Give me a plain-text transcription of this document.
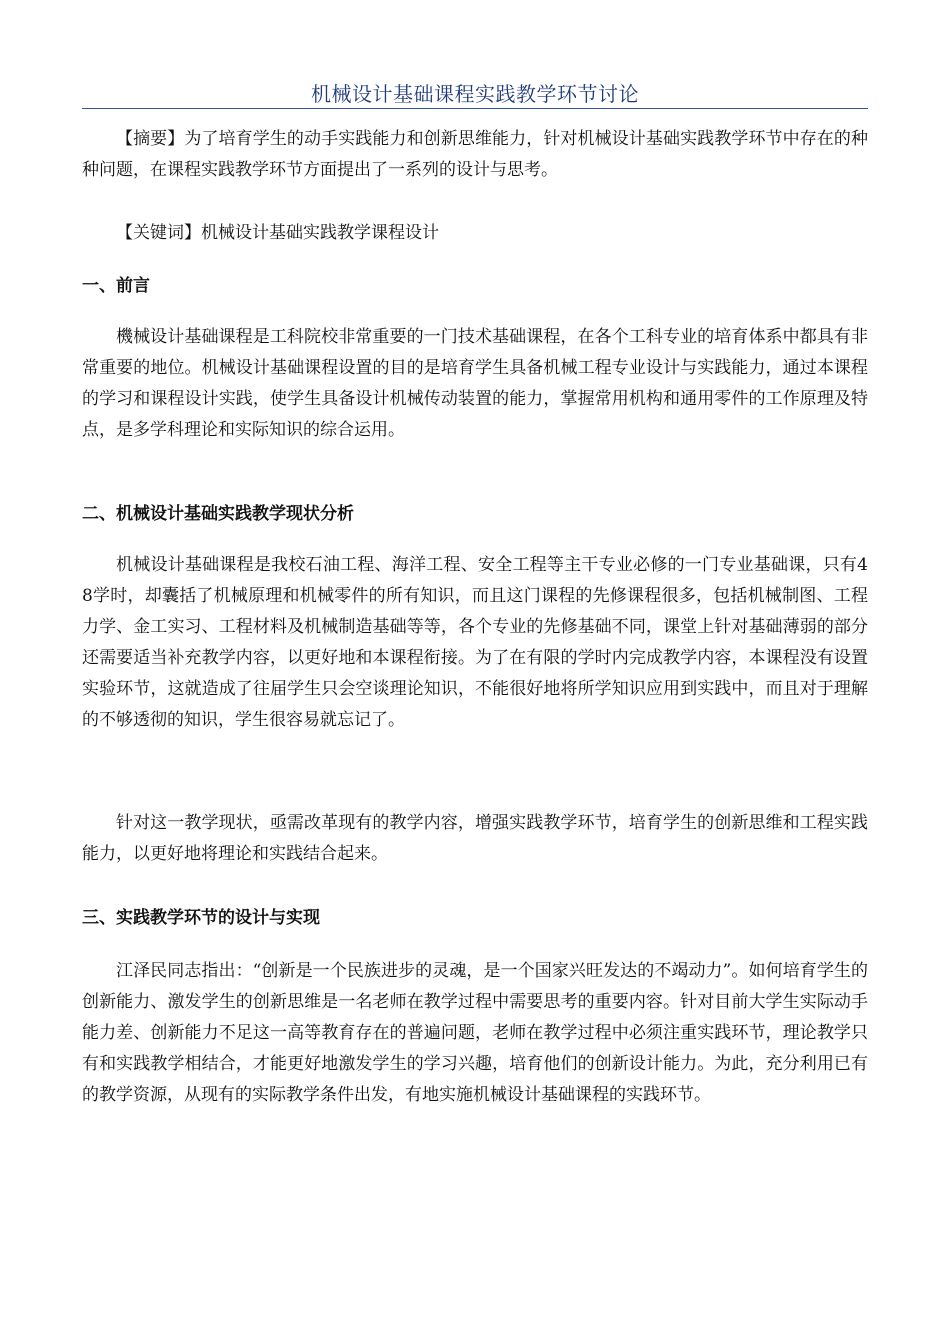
机械设计基础课程实践教学环节讨论

【摘要】为了培育学生的动手实践能力和创新思维能力，针对机械设计基础实践教学环节中存在的种种问题，在课程实践教学环节方面提出了一系列的设计与思考。

【关键词】机械设计基础实践教学课程设计

一、前言

機械设计基础课程是工科院校非常重要的一门技术基础课程，在各个工科专业的培育体系中都具有非常重要的地位。机械设计基础课程设置的目的是培育学生具备机械工程专业设计与实践能力，通过本课程的学习和课程设计实践，使学生具备设计机械传动装置的能力，掌握常用机构和通用零件的工作原理及特点，是多学科理论和实际知识的综合运用。

二、机械设计基础实践教学现状分析

机械设计基础课程是我校石油工程、海洋工程、安全工程等主干专业必修的一门专业基础课，只有48学时，却囊括了机械原理和机械零件的所有知识，而且这门课程的先修课程很多，包括机械制图、工程力学、金工实习、工程材料及机械制造基础等等，各个专业的先修基础不同，课堂上针对基础薄弱的部分还需要适当补充教学内容，以更好地和本课程衔接。为了在有限的学时内完成教学内容，本课程没有设置实验环节，这就造成了往届学生只会空谈理论知识，不能很好地将所学知识应用到实践中，而且对于理解的不够透彻的知识，学生很容易就忘记了。

针对这一教学现状，亟需改革现有的教学内容，增强实践教学环节，培育学生的创新思维和工程实践能力，以更好地将理论和实践结合起来。

三、实践教学环节的设计与实现

江泽民同志指出：“创新是一个民族进步的灵魂，是一个国家兴旺发达的不竭动力”。如何培育学生的创新能力、激发学生的创新思维是一名老师在教学过程中需要思考的重要内容。针对目前大学生实际动手能力差、创新能力不足这一高等教育存在的普遍问题，老师在教学过程中必须注重实践环节，理论教学只有和实践教学相结合，才能更好地激发学生的学习兴趣，培育他们的创新设计能力。为此，充分利用已有的教学资源，从现有的实际教学条件出发，有地实施机械设计基础课程的实践环节。
